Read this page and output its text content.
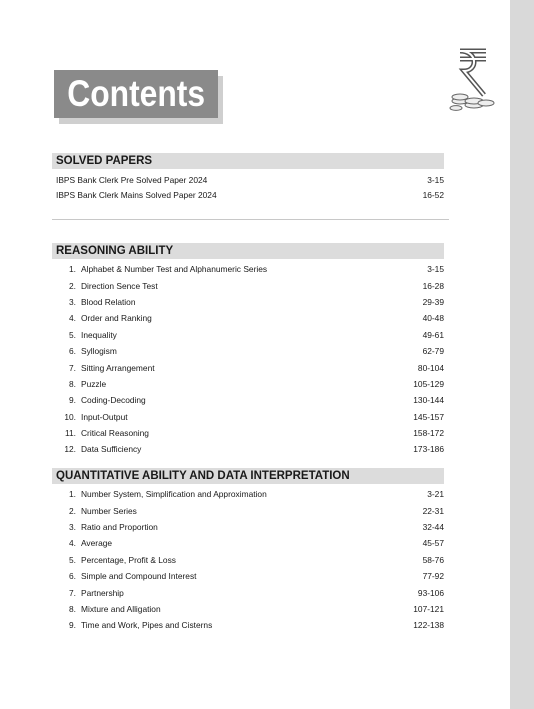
Contents
SOLVED PAPERS
IBPS Bank Clerk Pre Solved Paper 2024	3-15
IBPS Bank Clerk Mains Solved Paper 2024	16-52
REASONING ABILITY
1. Alphabet & Number Test and Alphanumeric Series	3-15
2. Direction Sence Test	16-28
3. Blood Relation	29-39
4. Order and Ranking	40-48
5. Inequality	49-61
6. Syllogism	62-79
7. Sitting Arrangement	80-104
8. Puzzle	105-129
9. Coding-Decoding	130-144
10. Input-Output	145-157
11. Critical Reasoning	158-172
12. Data Sufficiency	173-186
QUANTITATIVE ABILITY AND DATA INTERPRETATION
1. Number System, Simplification and Approximation	3-21
2. Number Series	22-31
3. Ratio and Proportion	32-44
4. Average	45-57
5. Percentage, Profit & Loss	58-76
6. Simple and Compound Interest	77-92
7. Partnership	93-106
8. Mixture and Alligation	107-121
9. Time and Work, Pipes and Cisterns	122-138
